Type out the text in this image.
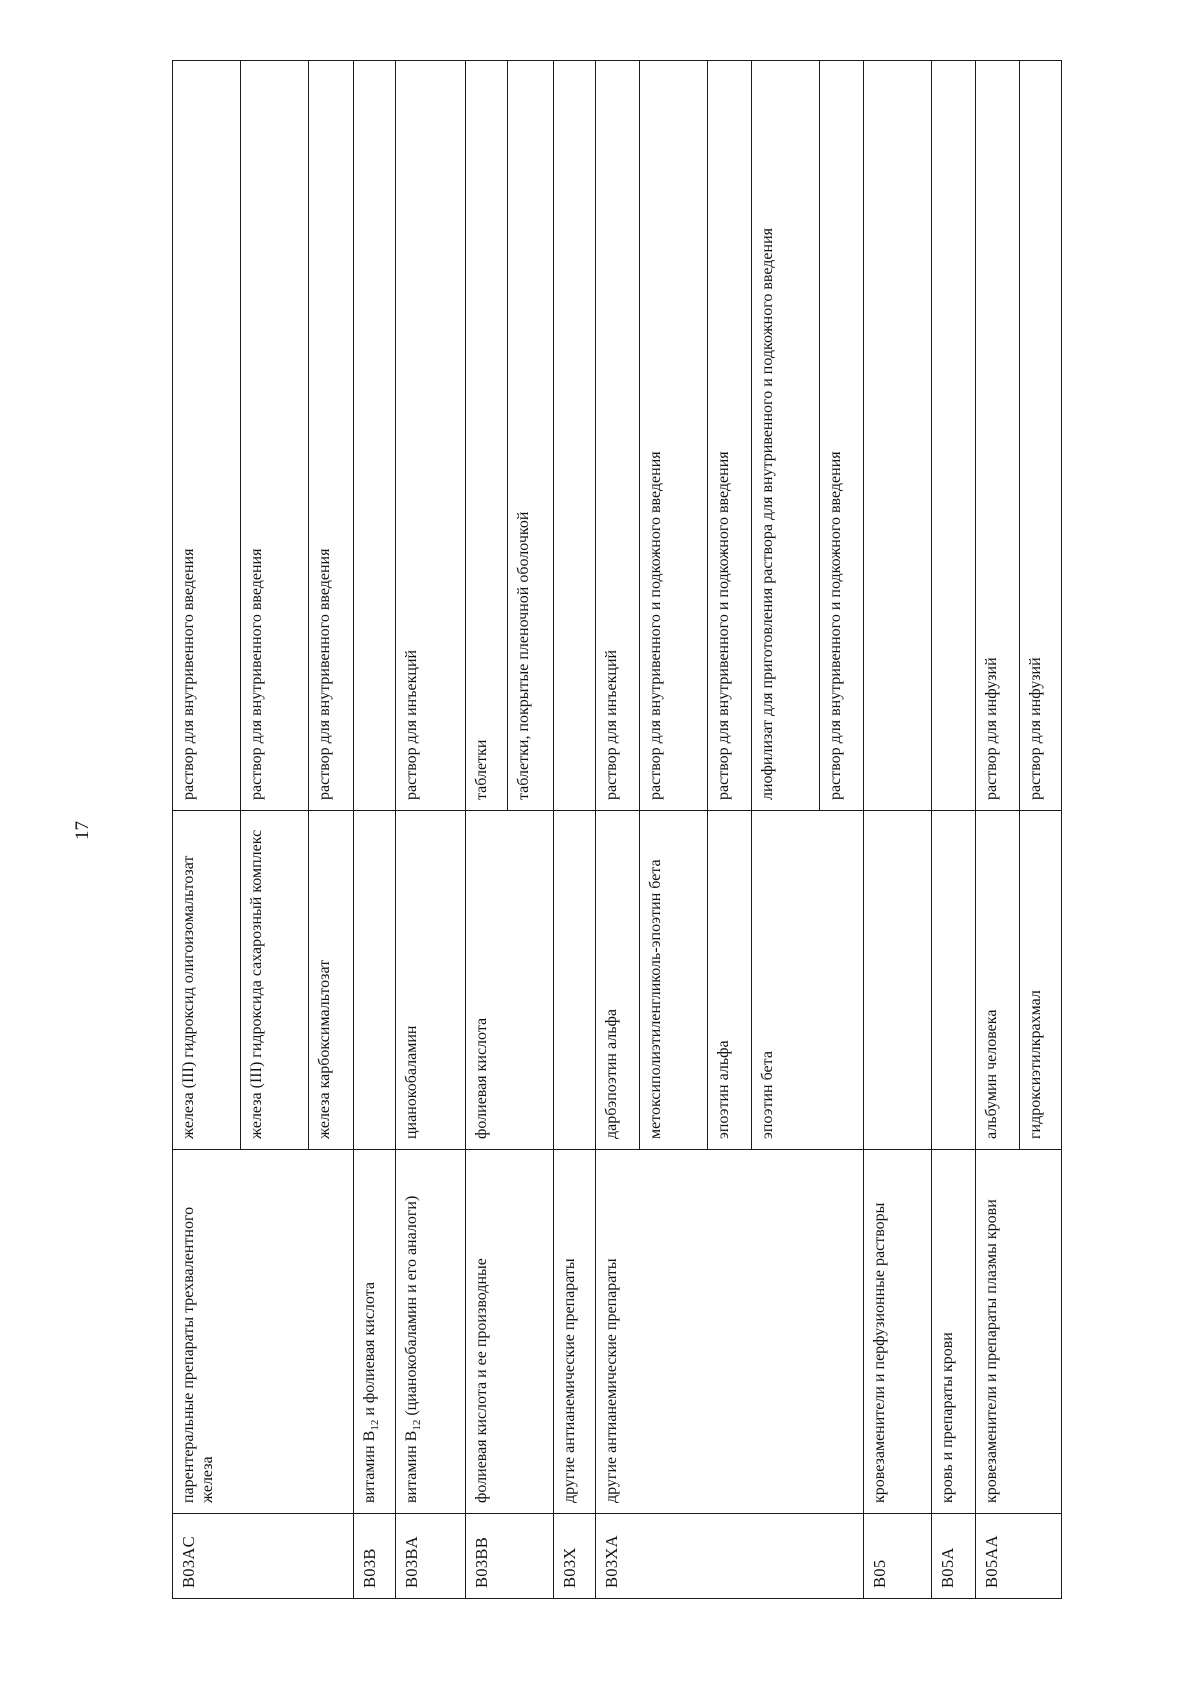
17
B03AC	парентеральные препараты трехвалентного железа	железа (III) гидроксид олигоизомальтозат	раствор для внутривенного введения
		железа (III) гидроксида сахарозный комплекс	раствор для внутривенного введения
		железа карбоксимальтозат	раствор для внутривенного введения
B03B	витамин $B_{12}$ и фолиевая кислота		
B03BA	витамин $B_{12}$ (цианокобаламин и его аналоги)	цианокобаламин	раствор для инъекций
B03BB	фолиевая кислота и ее производные	фолиевая кислота	таблетки
			таблетки, покрытые пленочной оболочкой
B03X	другие антианемические препараты		
B03XA	другие антианемические препараты	дарбэпоэтин альфа	раствор для инъекций
		метоксиполиэтиленгликоль-эпоэтин бета	раствор для внутривенного и подкожного введения
		эпоэтин альфа	раствор для внутривенного и подкожного введения
		эпоэтин бета	лиофилизат для приготовления раствора для внутривенного и подкожного введения
			раствор для внутривенного и подкожного введения
B05	кровезаменители и перфузионные растворы		
B05A	кровь и препараты крови		
B05AA	кровезаменители и препараты плазмы крови	альбумин человека	раствор для инфузий
		гидроксиэтилкрахмал	раствор для инфузий
